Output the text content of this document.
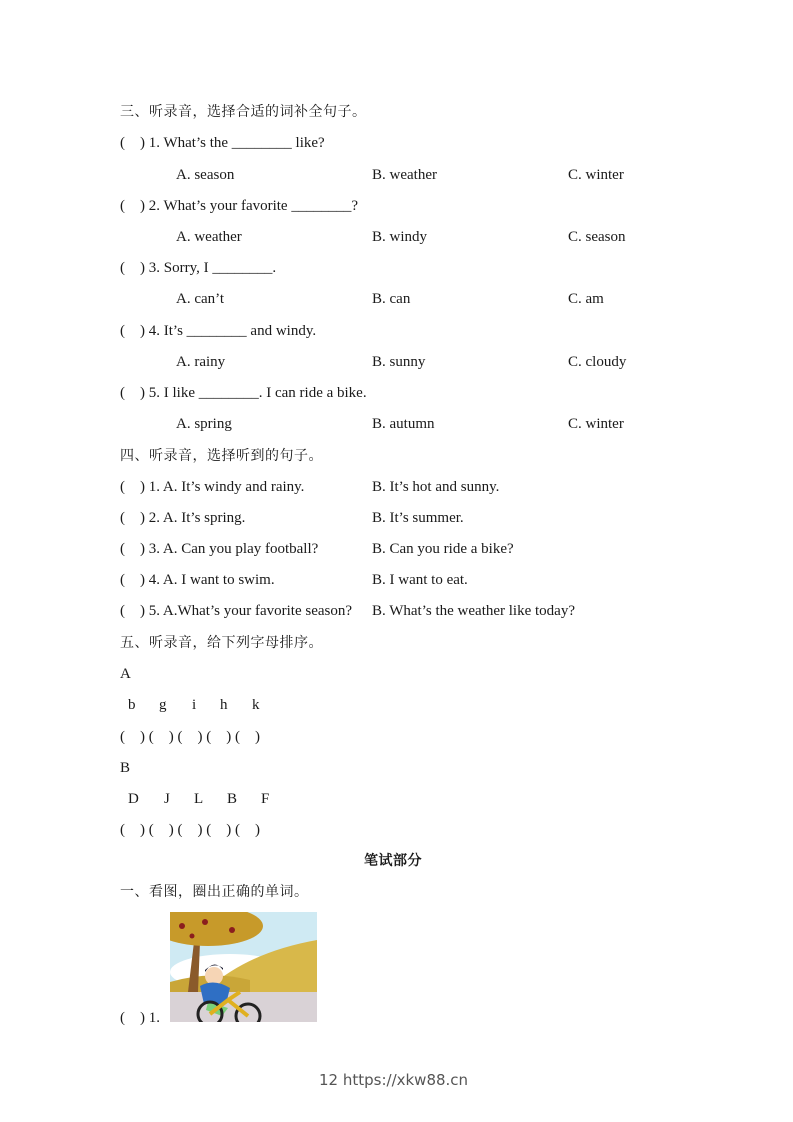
三、听录音，选择合适的词补全句子。
(    ) 1. What’s the ________ like?
A. season	B. weather	C. winter
(    ) 2. What’s your favorite ________?
A. weather	B. windy	C. season
(    ) 3. Sorry, I ________.
A. can’t	B. can	C. am
(    ) 4. It’s ________ and windy.
A. rainy	B. sunny	C. cloudy
(    ) 5. I like ________. I can ride a bike.
A. spring	B. autumn	C. winter
四、听录音，选择听到的句子。
(    ) 1. A. It’s windy and rainy.	B. It’s hot and sunny.
(    ) 2. A. It’s spring.	B. It’s summer.
(    ) 3. A. Can you play football?	B. Can you ride a bike?
(    ) 4. A. I want to swim.	B. I want to eat.
(    ) 5. A.What’s your favorite season? B. What’s the weather like today?
五、听录音，给下列字母排序。
A
b g i h k
(    ) (    ) (    ) (    ) (    )
B
D J L B F
(    ) (    ) (    ) (    ) (    )
笔试部分
一、看图，圈出正确的单词。
(    ) 1.
12 https://xkw88.cn
